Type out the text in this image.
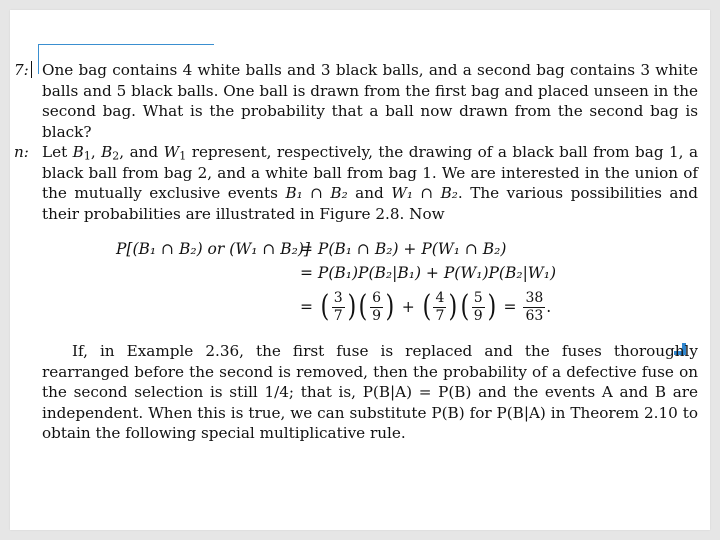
7: One bag contains 4 white balls and 3 black balls, and a second bag contains 3 white balls and 5 black balls. One ball is drawn from the first bag and placed unseen in the second bag. What is the probability that a ball now drawn from the second bag is black?

n: Let $B_1$, $B_2$, and $W_1$ represent, respectively, the drawing of a black ball from bag 1, a black ball from bag 2, and a white ball from bag 1. We are interested in the union of the mutually exclusive events B₁ ∩ B₂ and W₁ ∩ B₂. The various possibilities and their probabilities are illustrated in Figure 2.8. Now

P[(B₁ ∩ B₂) or (W₁ ∩ B₂)]
= P(B₁ ∩ B₂) + P(W₁ ∩ B₂)
= P(B₁)P(B₂|B₁) + P(W₁)P(B₂|W₁)
= ( $\frac{3}{7}$ ) ( $\frac{6}{9}$ ) + ( $\frac{4}{7}$ ) ( $\frac{5}{9}$ ) = $\frac{38}{63}$ .

If, in Example 2.36, the first fuse is replaced and the fuses thoroughly rearranged before the second is removed, then the probability of a defective fuse on the second selection is still 1/4; that is, P(B|A) = P(B) and the events A and B are independent. When this is true, we can substitute P(B) for P(B|A) in Theorem 2.10 to obtain the following special multiplicative rule.
